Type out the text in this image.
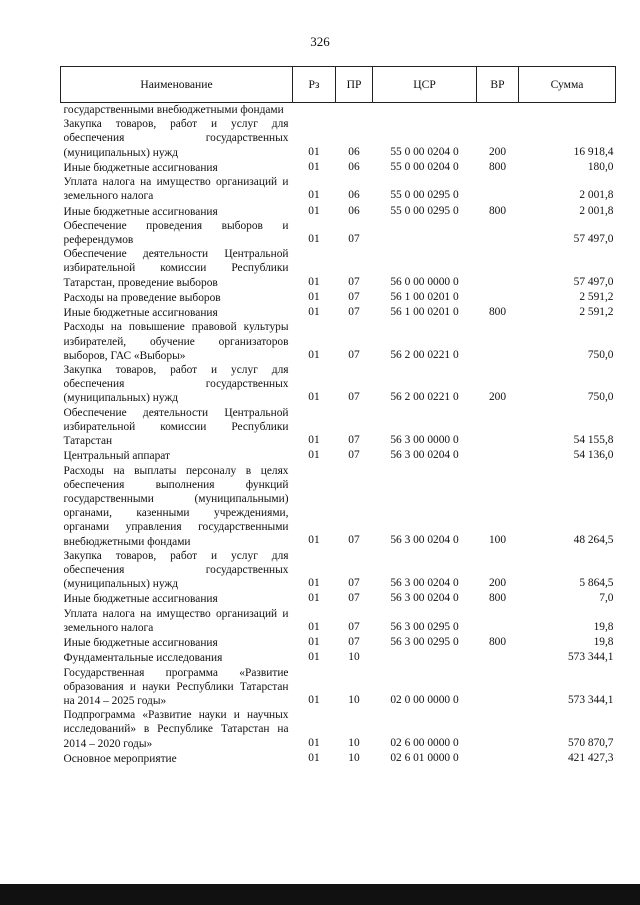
326
Наименование	Рз	ПР	ЦСР	ВР	Сумма
государственными внебюджетными фондами					
Закупка товаров, работ и услуг для обеспечения государственных (муниципальных) нужд	01	06	55 0 00 0204 0	200	16 918,4
Иные бюджетные ассигнования	01	06	55 0 00 0204 0	800	180,0
Уплата налога на имущество организаций и земельного налога	01	06	55 0 00 0295 0		2 001,8
Иные бюджетные ассигнования	01	06	55 0 00 0295 0	800	2 001,8
Обеспечение проведения выборов и референдумов	01	07			57 497,0
Обеспечение деятельности Центральной избирательной комиссии Республики Татарстан, проведение выборов	01	07	56 0 00 0000 0		57 497,0
Расходы на проведение выборов	01	07	56 1 00 0201 0		2 591,2
Иные бюджетные ассигнования	01	07	56 1 00 0201 0	800	2 591,2
Расходы на повышение правовой культуры избирателей, обучение организаторов выборов, ГАС «Выборы»	01	07	56 2 00 0221 0		750,0
Закупка товаров, работ и услуг для обеспечения государственных (муниципальных) нужд	01	07	56 2 00 0221 0	200	750,0
Обеспечение деятельности Центральной избирательной комиссии Республики Татарстан	01	07	56 3 00 0000 0		54 155,8
Центральный аппарат	01	07	56 3 00 0204 0		54 136,0
Расходы на выплаты персоналу в целях обеспечения выполнения функций государственными (муниципальными) органами, казенными учреждениями, органами управления государственными внебюджетными фондами	01	07	56 3 00 0204 0	100	48 264,5
Закупка товаров, работ и услуг для обеспечения государственных (муниципальных) нужд	01	07	56 3 00 0204 0	200	5 864,5
Иные бюджетные ассигнования	01	07	56 3 00 0204 0	800	7,0
Уплата налога на имущество организаций и земельного налога	01	07	56 3 00 0295 0		19,8
Иные бюджетные ассигнования	01	07	56 3 00 0295 0	800	19,8
Фундаментальные исследования	01	10			573 344,1
Государственная программа «Развитие образования и науки Республики Татарстан на 2014 – 2025 годы»	01	10	02 0 00 0000 0		573 344,1
Подпрограмма «Развитие науки и научных исследований» в Республике Татарстан на 2014 – 2020 годы»	01	10	02 6 00 0000 0		570 870,7
Основное мероприятие	01	10	02 6 01 0000 0		421 427,3
